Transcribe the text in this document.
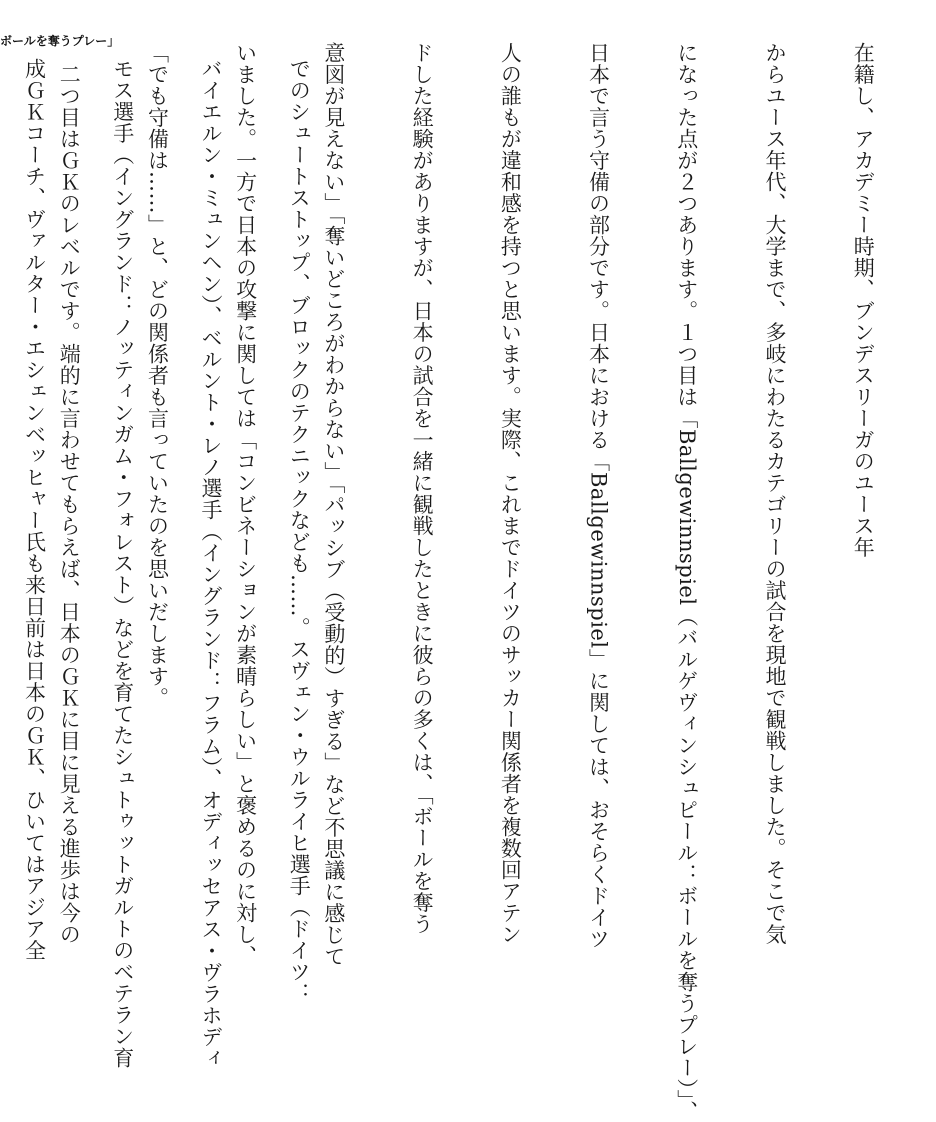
ボールを奪うプレー」

でのシュートストップ、ブロックのテクニックなども……。スヴェン・ウルライヒ選手（ドイツ：

バイエルン・ミュンヘン）、ベルント・レノ選手（イングランド：フラム）、オディッセアス・ヴラホディ

モス選手（イングランド：ノッティンガム・フォレスト）などを育てたシュトゥットガルトのベテラン育

成ＧＫコーチ、ヴァルター・エシェンベッヒャー氏も来日前は日本のＧＫ、ひいてはアジア全

	在籍し、アカデミー時期、ブンデスリーガのユース年

からユース年代、大学まで、多岐にわたるカテゴリーの試合を現地で観戦しました。そこで気

になった点が２つあります。１つ目は「Ballgewinnspiel（バルゲヴィンシュピール：ボールを奪うプレー）」、

日本で言う守備の部分です。日本における「Ballgewinnspiel」に関しては、おそらくドイツ

人の誰もが違和感を持つと思います。実際、これまでドイツのサッカー関係者を複数回アテン

ドした経験がありますが、日本の試合を一緒に観戦したときに彼らの多くは、「ボールを奪う

意図が見えない」「奪いどころがわからない」「パッシブ（受動的）すぎる」など不思議に感じて

いました。一方で日本の攻撃に関しては「コンビネーションが素晴らしい」と褒めるのに対し、

「でも守備は……」と、どの関係者も言っていたのを思いだします。

　二つ目はＧＫのレベルです。端的に言わせてもらえば、日本のＧＫに目に見える進歩は今の
